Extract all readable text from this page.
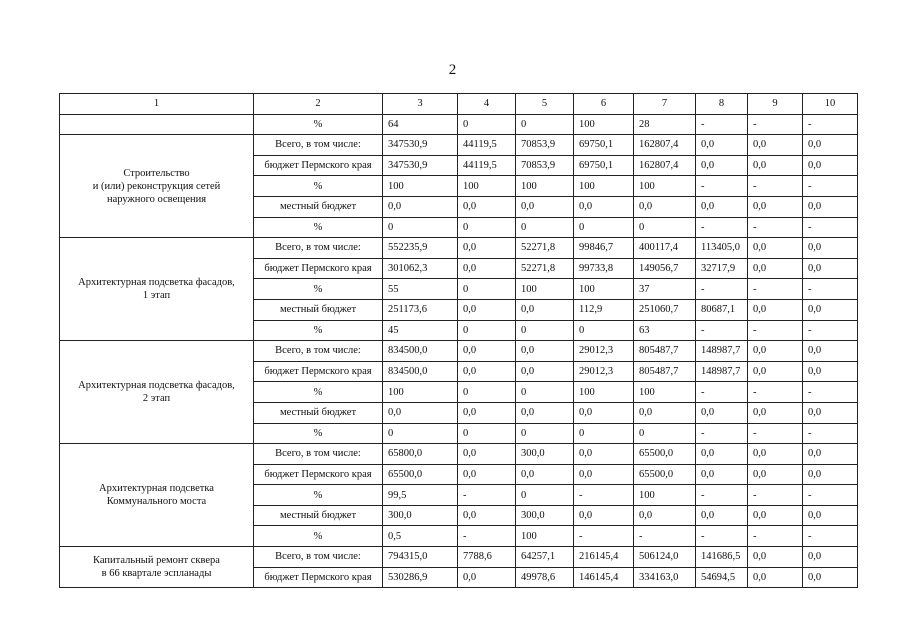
2
1	2	3	4	5	6	7	8	9	10
	%	64	0	0	100	28	-	-	-
Строительство
и (или) реконструкция сетей
наружного освещения	Всего, в том числе:	347530,9	44119,5	70853,9	69750,1	162807,4	0,0	0,0	0,0
	бюджет Пермского края	347530,9	44119,5	70853,9	69750,1	162807,4	0,0	0,0	0,0
	%	100	100	100	100	100	-	-	-
	местный бюджет	0,0	0,0	0,0	0,0	0,0	0,0	0,0	0,0
	%	0	0	0	0	0	-	-	-
Архитектурная подсветка фасадов,
1 этап	Всего, в том числе:	552235,9	0,0	52271,8	99846,7	400117,4	113405,0	0,0	0,0
	бюджет Пермского края	301062,3	0,0	52271,8	99733,8	149056,7	32717,9	0,0	0,0
	%	55	0	100	100	37	-	-	-
	местный бюджет	251173,6	0,0	0,0	112,9	251060,7	80687,1	0,0	0,0
	%	45	0	0	0	63	-	-	-
Архитектурная подсветка фасадов,
2 этап	Всего, в том числе:	834500,0	0,0	0,0	29012,3	805487,7	148987,7	0,0	0,0
	бюджет Пермского края	834500,0	0,0	0,0	29012,3	805487,7	148987,7	0,0	0,0
	%	100	0	0	100	100	-	-	-
	местный бюджет	0,0	0,0	0,0	0,0	0,0	0,0	0,0	0,0
	%	0	0	0	0	0	-	-	-
Архитектурная подсветка
Коммунального моста	Всего, в том числе:	65800,0	0,0	300,0	0,0	65500,0	0,0	0,0	0,0
	бюджет Пермского края	65500,0	0,0	0,0	0,0	65500,0	0,0	0,0	0,0
	%	99,5	-	0	-	100	-	-	-
	местный бюджет	300,0	0,0	300,0	0,0	0,0	0,0	0,0	0,0
	%	0,5	-	100	-	-	-	-	-
Капитальный ремонт сквера
в 66 квартале эспланады	Всего, в том числе:	794315,0	7788,6	64257,1	216145,4	506124,0	141686,5	0,0	0,0
	бюджет Пермского края	530286,9	0,0	49978,6	146145,4	334163,0	54694,5	0,0	0,0
